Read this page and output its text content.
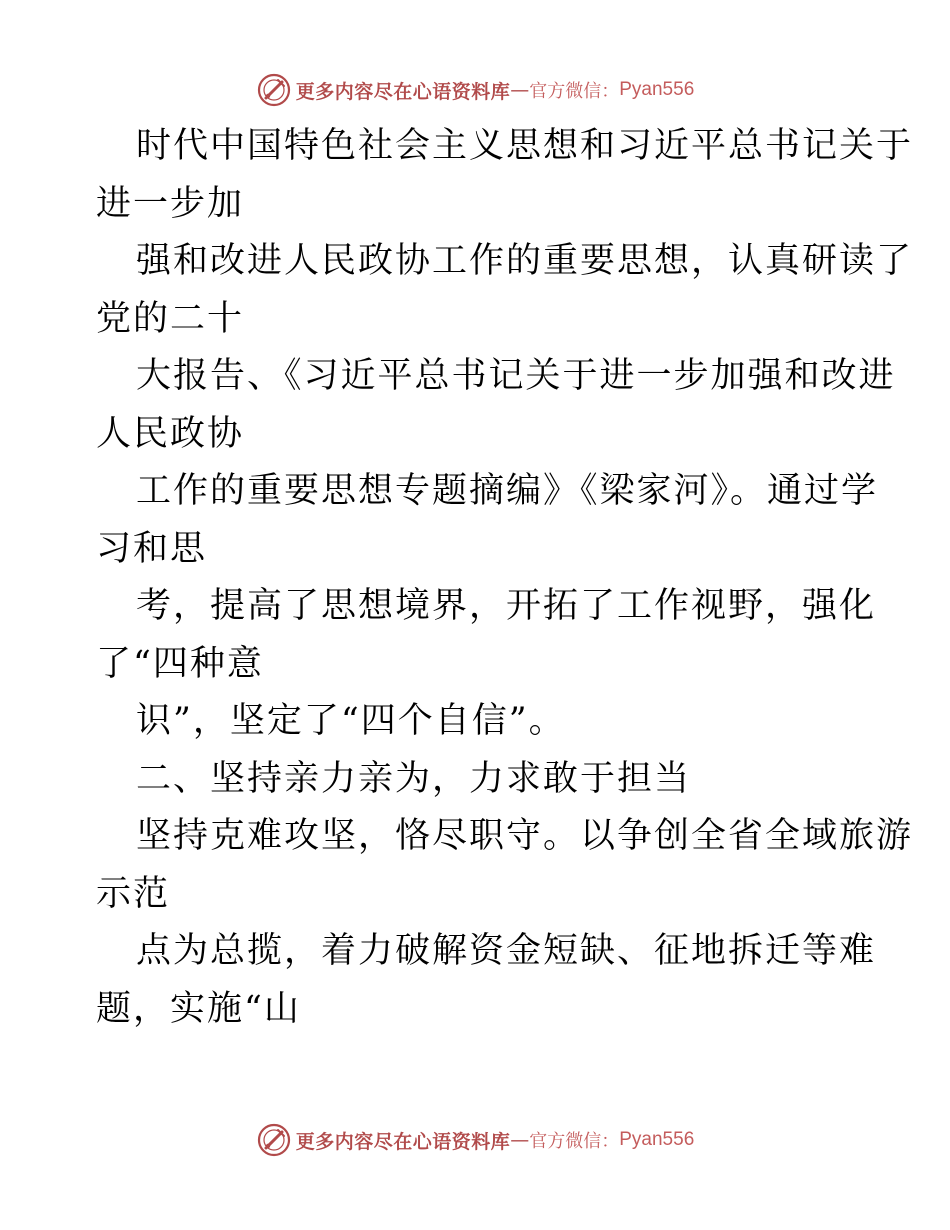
更多内容尽在心语资料库 — 官方微信： Pyan556
时代中国特色社会主义思想和习近平总书记关于
进一步加
强和改进人民政协工作的重要思想，认真研读了
党的二十
大报告、《习近平总书记关于进一步加强和改进
人民政协
工作的重要思想专题摘编》《梁家河》。通过学
习和思
考，提高了思想境界，开拓了工作视野，强化
了“四种意
识”，坚定了“四个自信”。
二、坚持亲力亲为，力求敢于担当
坚持克难攻坚，恪尽职守。以争创全省全域旅游
示范
点为总揽，着力破解资金短缺、征地拆迁等难
题，实施“山
更多内容尽在心语资料库 — 官方微信： Pyan556
